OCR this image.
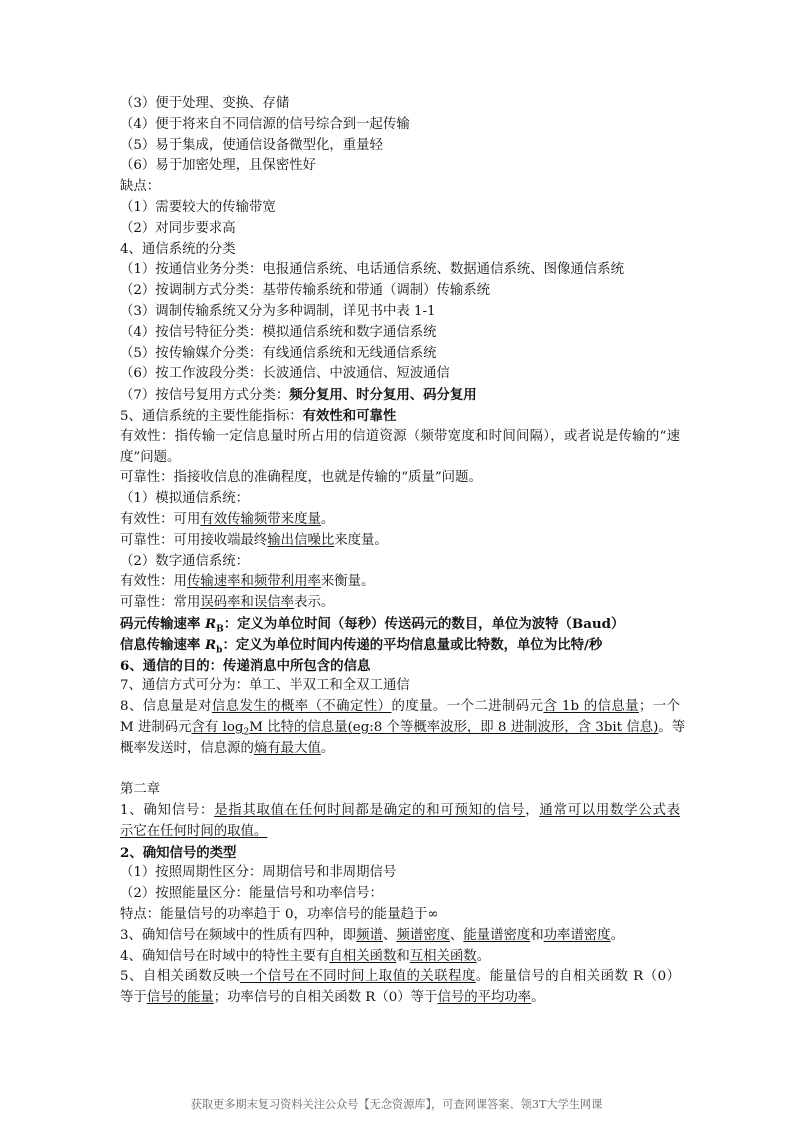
（3）便于处理、变换、存储
（4）便于将来自不同信源的信号综合到一起传输
（5）易于集成，使通信设备微型化，重量轻
（6）易于加密处理，且保密性好
缺点：
（1）需要较大的传输带宽
（2）对同步要求高
4、通信系统的分类
（1）按通信业务分类：电报通信系统、电话通信系统、数据通信系统、图像通信系统
（2）按调制方式分类：基带传输系统和带通（调制）传输系统
（3）调制传输系统又分为多种调制，详见书中表 1-1
（4）按信号特征分类：模拟通信系统和数字通信系统
（5）按传输媒介分类：有线通信系统和无线通信系统
（6）按工作波段分类：长波通信、中波通信、短波通信
（7）按信号复用方式分类：频分复用、时分复用、码分复用
5、通信系统的主要性能指标：有效性和可靠性
有效性：指传输一定信息量时所占用的信道资源（频带宽度和时间间隔），或者说是传输的“速
度”问题。
可靠性：指接收信息的准确程度，也就是传输的“质量”问题。
（1）模拟通信系统：
有效性：可用有效传输频带来度量。
可靠性：可用接收端最终输出信噪比来度量。
（2）数字通信系统：
有效性：用传输速率和频带利用率来衡量。
可靠性：常用误码率和误信率表示。
码元传输速率 $R_B$：定义为单位时间（每秒）传送码元的数目，单位为波特（Baud）
信息传输速率 $R_b$：定义为单位时间内传递的平均信息量或比特数，单位为比特/秒
6、通信的目的：传递消息中所包含的信息
7、通信方式可分为：单工、半双工和全双工通信
8、信息量是对信息发生的概率（不确定性）的度量。一个二进制码元含 1b 的信息量；一个
M 进制码元含有 $\log_2M$ 比特的信息量(eg:8 个等概率波形，即 8 进制波形，含 3bit 信息)。等
概率发送时，信息源的熵有最大值。
第二章
1、确知信号：是指其取值在任何时间都是确定的和可预知的信号，通常可以用数学公式表
示它在任何时间的取值。
2、确知信号的类型
（1）按照周期性区分：周期信号和非周期信号
（2）按照能量区分：能量信号和功率信号：
特点：能量信号的功率趋于 0，功率信号的能量趋于∞
3、确知信号在频域中的性质有四种，即频谱、频谱密度、能量谱密度和功率谱密度。
4、确知信号在时域中的特性主要有自相关函数和互相关函数。
5、自相关函数反映一个信号在不同时间上取值的关联程度。能量信号的自相关函数 R（0）
等于信号的能量；功率信号的自相关函数 R（0）等于信号的平均功率。
获取更多期末复习资料关注公众号【无念资源库】，可查网课答案、领3T大学生网课
